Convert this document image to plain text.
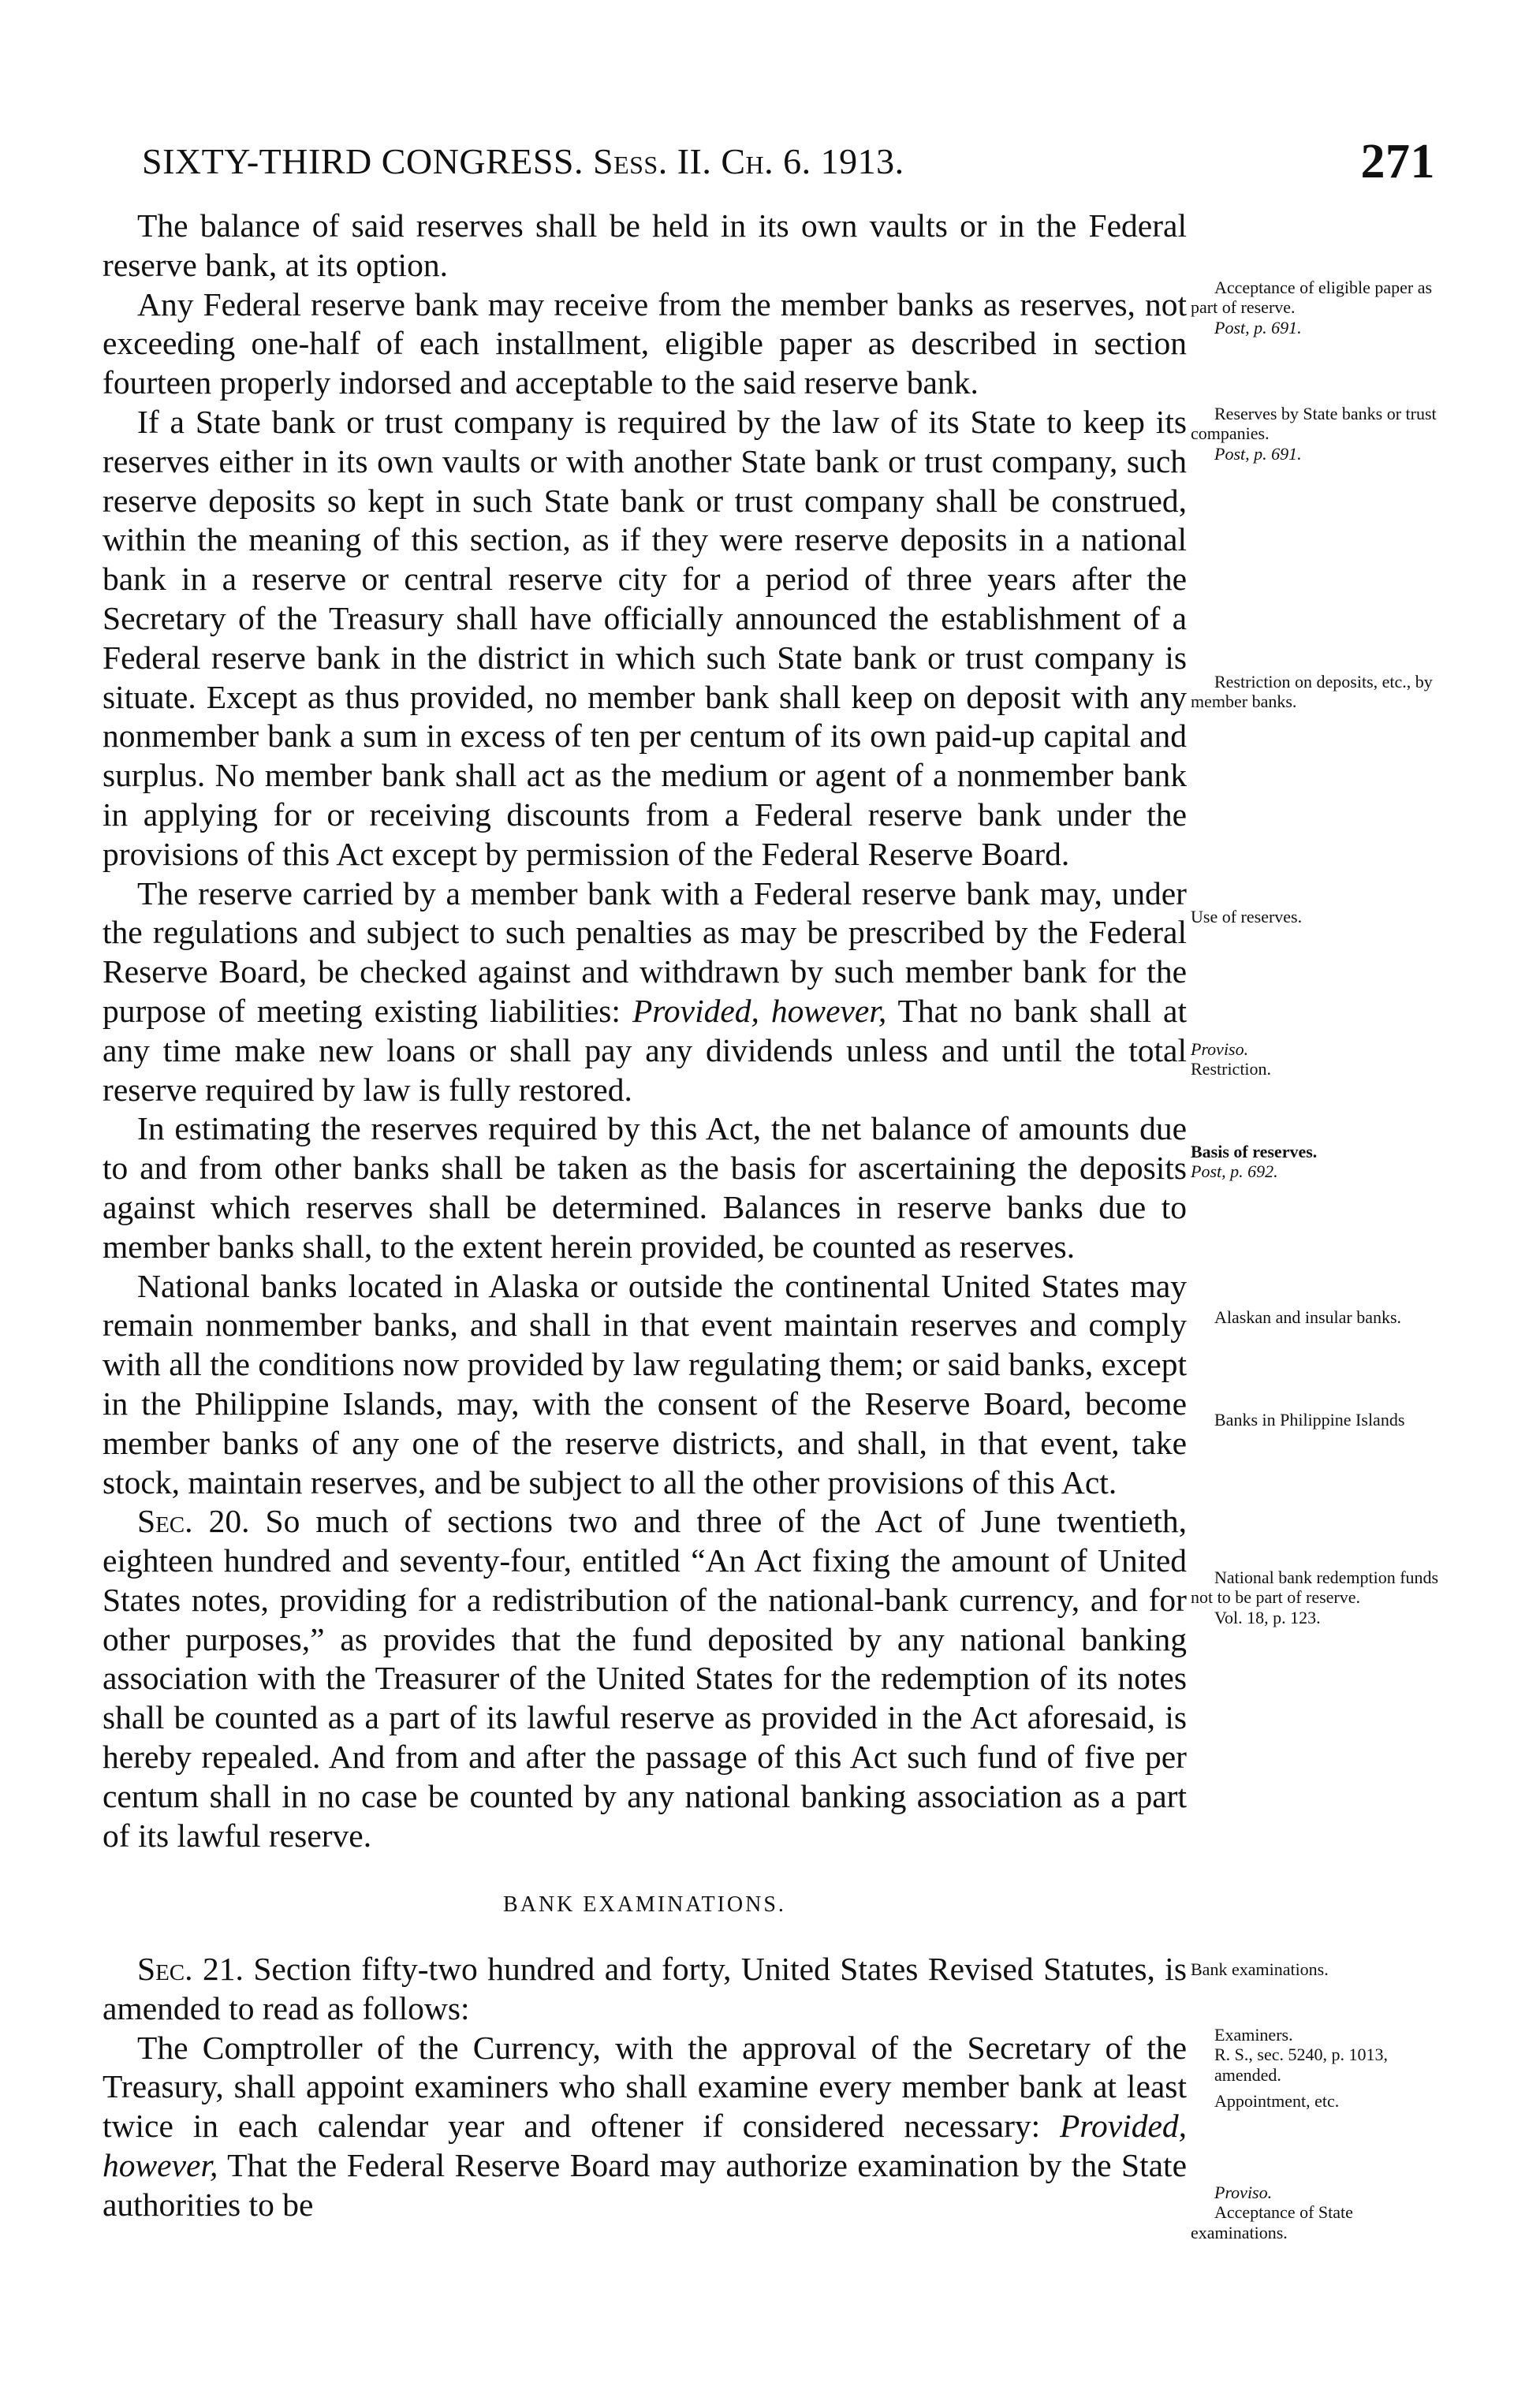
SIXTY-THIRD CONGRESS. Sess. II. Ch. 6. 1913.	271

The balance of said reserves shall be held in its own vaults or in the Federal reserve bank, at its option.

Any Federal reserve bank may receive from the member banks as reserves, not exceeding one-half of each installment, eligible paper as described in section fourteen properly indorsed and acceptable to the said reserve bank.

If a State bank or trust company is required by the law of its State to keep its reserves either in its own vaults or with another State bank or trust company, such reserve deposits so kept in such State bank or trust company shall be construed, within the meaning of this section, as if they were reserve deposits in a national bank in a reserve or central reserve city for a period of three years after the Secretary of the Treasury shall have officially announced the establishment of a Federal reserve bank in the district in which such State bank or trust company is situate. Except as thus provided, no member bank shall keep on deposit with any nonmember bank a sum in excess of ten per centum of its own paid-up capital and surplus. No member bank shall act as the medium or agent of a nonmember bank in applying for or receiving discounts from a Federal reserve bank under the provisions of this Act except by permission of the Federal Reserve Board.

The reserve carried by a member bank with a Federal reserve bank may, under the regulations and subject to such penalties as may be prescribed by the Federal Reserve Board, be checked against and withdrawn by such member bank for the purpose of meeting existing liabilities: Provided, however, That no bank shall at any time make new loans or shall pay any dividends unless and until the total reserve required by law is fully restored.

In estimating the reserves required by this Act, the net balance of amounts due to and from other banks shall be taken as the basis for ascertaining the deposits against which reserves shall be determined. Balances in reserve banks due to member banks shall, to the extent herein provided, be counted as reserves.

National banks located in Alaska or outside the continental United States may remain nonmember banks, and shall in that event maintain reserves and comply with all the conditions now provided by law regulating them; or said banks, except in the Philippine Islands, may, with the consent of the Reserve Board, become member banks of any one of the reserve districts, and shall, in that event, take stock, maintain reserves, and be subject to all the other provisions of this Act.

Sec. 20. So much of sections two and three of the Act of June twentieth, eighteen hundred and seventy-four, entitled “An Act fixing the amount of United States notes, providing for a redistribution of the national-bank currency, and for other purposes,” as provides that the fund deposited by any national banking association with the Treasurer of the United States for the redemption of its notes shall be counted as a part of its lawful reserve as provided in the Act aforesaid, is hereby repealed. And from and after the passage of this Act such fund of five per centum shall in no case be counted by any national banking association as a part of its lawful reserve.

BANK EXAMINATIONS.

Sec. 21. Section fifty-two hundred and forty, United States Revised Statutes, is amended to read as follows:

The Comptroller of the Currency, with the approval of the Secretary of the Treasury, shall appoint examiners who shall examine every member bank at least twice in each calendar year and oftener if considered necessary: Provided, however, That the Federal Reserve Board may authorize examination by the State authorities to be

Acceptance of eligible paper as part of reserve.
Post, p. 691.
Reserves by State banks or trust companies.
Post, p. 691.
Restriction on deposits, etc., by member banks.
Use of reserves.
Proviso.
Restriction.
Basis of reserves.
Post, p. 692.
Alaskan and insular banks.
Banks in Philippine Islands
National bank redemption funds not to be part of reserve.
Vol. 18, p. 123.
Bank examinations.
Examiners.
R. S., sec. 5240, p. 1013, amended.
Appointment, etc.
Proviso.
Acceptance of State examinations.
